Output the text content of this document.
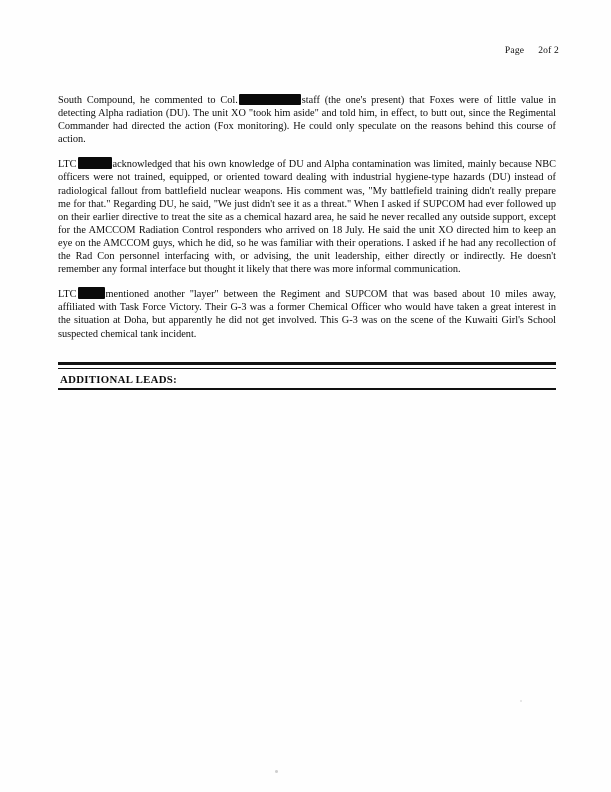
Page 2of 2

South Compound, he commented to Col.	staff (the one's present) that Foxes were of little value in detecting Alpha radiation (DU). The unit XO "took him aside" and told him, in effect, to butt out, since the Regimental Commander had directed the action (Fox monitoring). He could only speculate on the reasons behind this course of action.

LTC	acknowledged that his own knowledge of DU and Alpha contamination was limited, mainly because NBC officers were not trained, equipped, or oriented toward dealing with industrial hygiene-type hazards (DU) instead of radiological fallout from battlefield nuclear weapons. His comment was, "My battlefield training didn't really prepare me for that." Regarding DU, he said, "We just didn't see it as a threat." When I asked if SUPCOM had ever followed up on their earlier directive to treat the site as a chemical hazard area, he said he never recalled any outside support, except for the AMCCOM Radiation Control responders who arrived on 18 July. He said the unit XO directed him to keep an eye on the AMCCOM guys, which he did, so he was familiar with their operations. I asked if he had any recollection of the Rad Con personnel interfacing with, or advising, the unit leadership, either directly or indirectly. He doesn't remember any formal interface but thought it likely that there was more informal communication.

LTC	mentioned another "layer" between the Regiment and SUPCOM that was based about 10 miles away, affiliated with Task Force Victory. Their G-3 was a former Chemical Officer who would have taken a great interest in the situation at Doha, but apparently he did not get involved. This G-3 was on the scene of the Kuwaiti Girl's School suspected chemical tank incident.

ADDITIONAL LEADS:
